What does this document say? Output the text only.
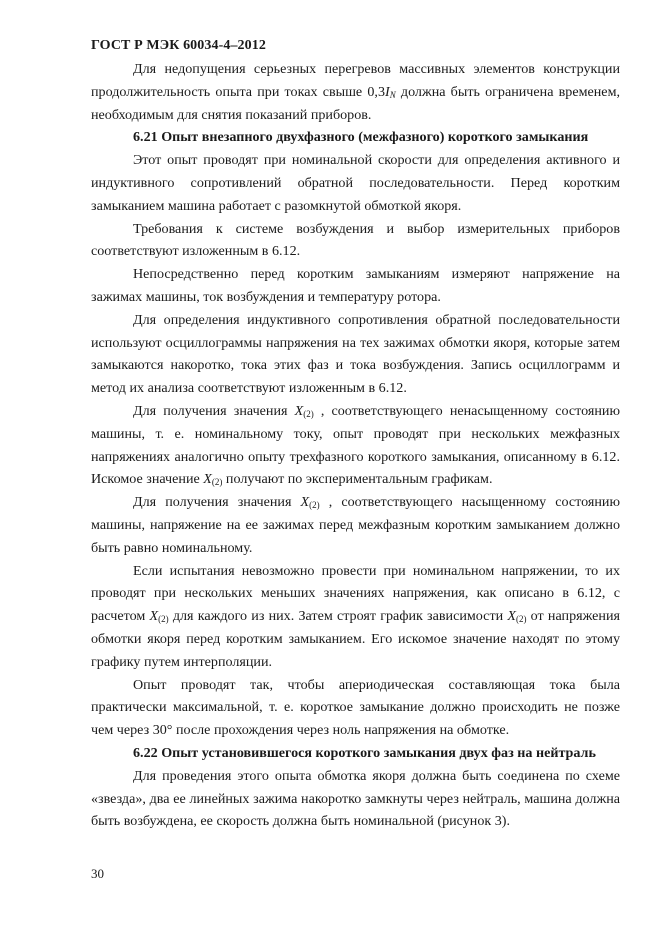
ГОСТ Р МЭК 60034-4–2012

Для недопущения серьезных перегревов массивных элементов конструкции продолжительность опыта при токах свыше $0,3I_N$ должна быть ограничена временем, необходимым для снятия показаний приборов.

6.21 Опыт внезапного двухфазного (межфазного) короткого замыкания

Этот опыт проводят при номинальной скорости для определения активного и индуктивного сопротивлений обратной последовательности. Перед коротким замыканием машина работает с разомкнутой обмоткой якоря.

Требования к системе возбуждения и выбор измерительных приборов соответствуют изложенным в 6.12.

Непосредственно перед коротким замыканиям измеряют напряжение на зажимах машины, ток возбуждения и температуру ротора.

Для определения индуктивного сопротивления обратной последовательности используют осциллограммы напряжения на тех зажимах обмотки якоря, которые затем замыкаются накоротко, тока этих фаз и тока возбуждения. Запись осциллограмм и метод их анализа соответствуют изложенным в 6.12.

Для получения значения $X_{(2)}$ , соответствующего ненасыщенному состоянию машины, т. е. номинальному току, опыт проводят при нескольких межфазных напряжениях аналогично опыту трехфазного короткого замыкания, описанному в 6.12. Искомое значение $X_{(2)}$ получают по экспериментальным графикам.

Для получения значения $X_{(2)}$ , соответствующего насыщенному состоянию машины, напряжение на ее зажимах перед межфазным коротким замыканием должно быть равно номинальному.

Если испытания невозможно провести при номинальном напряжении, то их проводят при нескольких меньших значениях напряжения, как описано в 6.12, с расчетом $X_{(2)}$ для каждого из них. Затем строят график зависимости $X_{(2)}$ от напряжения обмотки якоря перед коротким замыканием. Его искомое значение находят по этому графику путем интерполяции.

Опыт проводят так, чтобы апериодическая составляющая тока была практически максимальной, т. е. короткое замыкание должно происходить не позже чем через 30° после прохождения через ноль напряжения на обмотке.

6.22 Опыт установившегося короткого замыкания двух фаз на нейтраль

Для проведения этого опыта обмотка якоря должна быть соединена по схеме «звезда», два ее линейных зажима накоротко замкнуты через нейтраль, машина должна быть возбуждена, ее скорость должна быть номинальной (рисунок 3).

30
